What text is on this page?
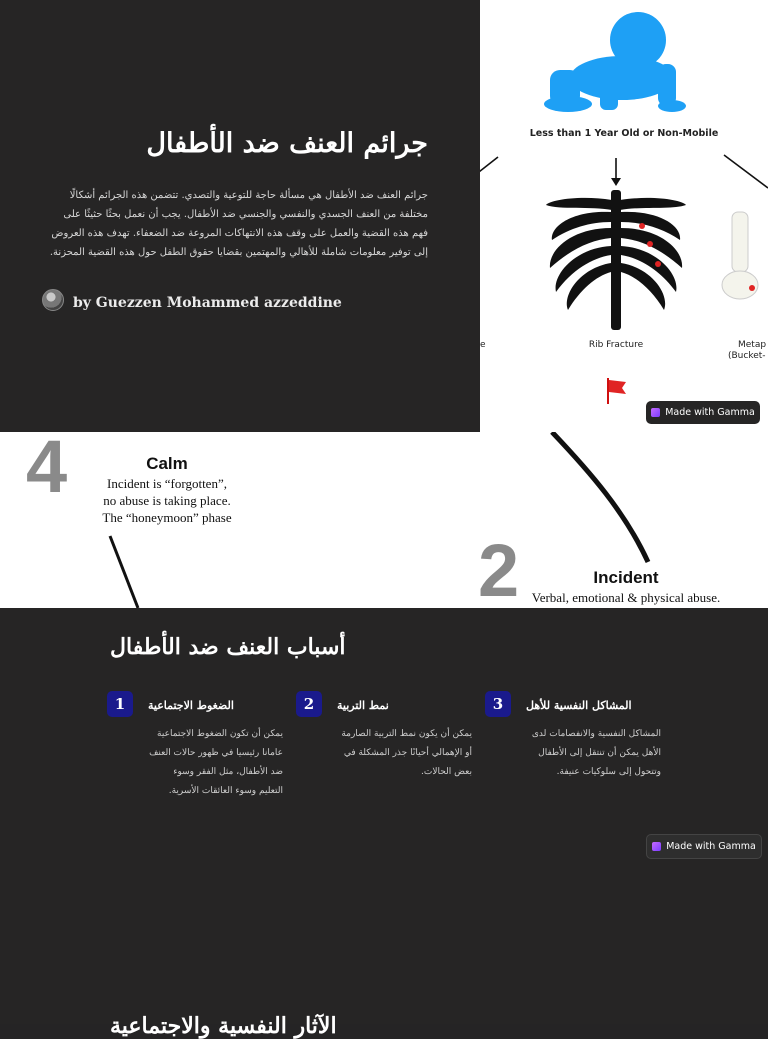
جرائم العنف ضد الأطفال
جرائم العنف ضد الأطفال هي مسألة حاجة للتوعية والتصدي. تتضمن هذه الجرائم أشكالًا مختلفة من العنف الجسدي والنفسي والجنسي ضد الأطفال. يجب أن نعمل بحثًا حثيثًا على فهم هذه القضية والعمل على وقف هذه الانتهاكات المروعة ضد الضعفاء. تهدف هذه العروض إلى توفير معلومات شاملة للأهالي والمهتمين بقضايا حقوق الطفل حول هذه القضية المحزنة.
by Guezzen Mohammed azzeddine
Less than 1 Year Old or Non-Mobile
Rib Fracture
e	Metap
(Bucket-
Made with Gamma
4	Calm
Incident is “forgotten”,
no abuse is taking place.
The “honeymoon” phase
2	Incident
Verbal, emotional & physical abuse.
أسباب العنف ضد الأطفال
1	الضغوط الاجتماعية
يمكن أن تكون الضغوط الاجتماعية عامانا رئيسيا في ظهور حالات العنف ضد الأطفال، مثل الفقر وسوء التعليم وسوء العائقات الأسرية.
2	نمط التربية
يمكن أن يكون نمط التربية الصارمة أو الإهمالي أحيانًا جذر المشكلة في بعض الحالات.
3	المشاكل النفسية للأهل
المشاكل النفسية والانفصامات لدى الأهل يمكن أن تنتقل إلى الأطفال وتتحول إلى سلوكيات عنيفة.
Made with Gamma
الآثار النفسية والاجتماعية
